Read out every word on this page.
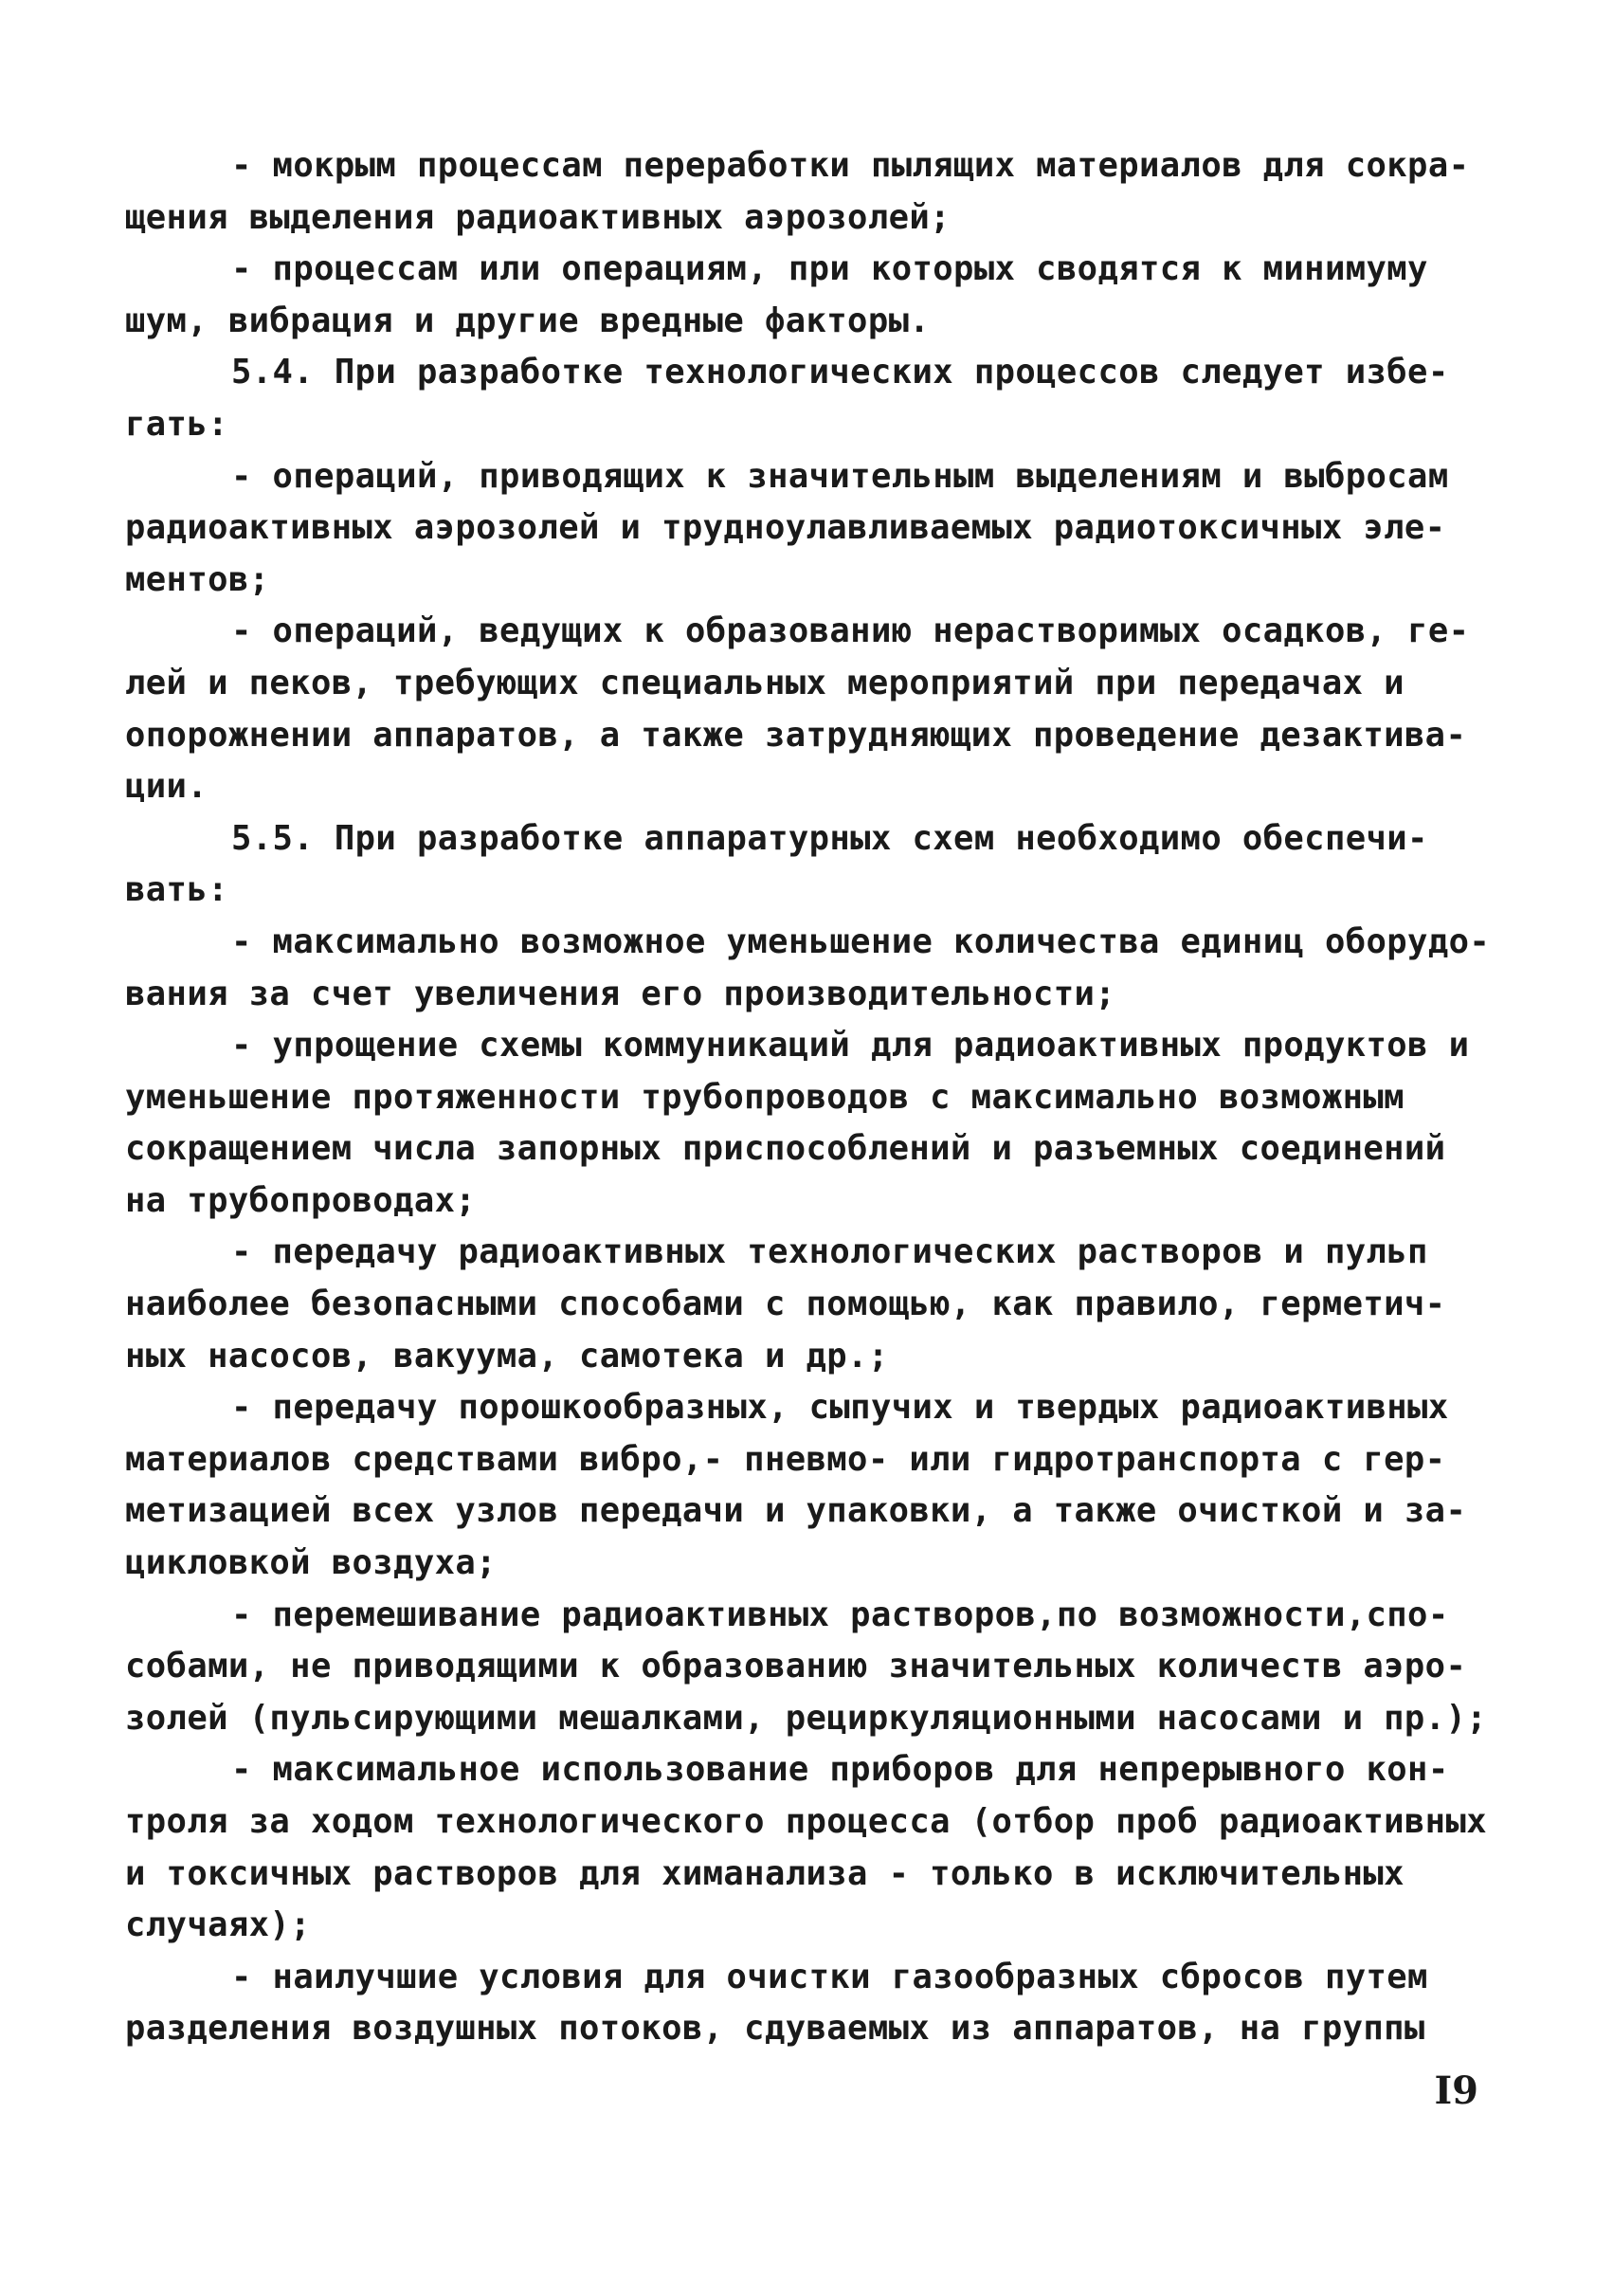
- мокрым процессам переработки пылящих материалов для сокра-
щения выделения радиоактивных аэрозолей;
- процессам или операциям, при которых сводятся к минимуму
шум, вибрация и другие вредные факторы.
5.4. При разработке технологических процессов следует избе-
гать:
- операций, приводящих к значительным выделениям и выбросам
радиоактивных аэрозолей и трудноулавливаемых радиотоксичных эле-
ментов;
- операций, ведущих к образованию нерастворимых осадков, ге-
лей и пеков, требующих специальных мероприятий при передачах и
опорожнении аппаратов, а также затрудняющих проведение дезактива-
ции.
5.5. При разработке аппаратурных схем необходимо обеспечи-
вать:
- максимально возможное уменьшение количества единиц оборудо-
вания за счет увеличения его производительности;
- упрощение схемы коммуникаций для радиоактивных продуктов и
уменьшение протяженности трубопроводов с максимально возможным
сокращением числа запорных приспособлений и разъемных соединений
на трубопроводах;
- передачу радиоактивных технологических растворов и пульп
наиболее безопасными способами с помощью, как правило, гермeтич-
ных насосов, вакуума, самотека и др.;
- передачу порошкообразных, сыпучих и твердых радиоактивных
материалов средствами вибро,- пневмо- или гидротранспорта с гер-
метизацией всех узлов передачи и упаковки, а также очисткой и за-
цикловкой воздуха;
- перемешивание радиоактивных растворов,по возможности,спо-
собами, не приводящими к образованию значительных количеств аэро-
золей (пульсирующими мешалками, рециркуляционными насосами и пр.);
- максимальное использование приборов для непрерывного кон-
троля за ходом технологического процесса (отбор проб радиоактивных
и токсичных растворов для химанализа - только в исключительных
случаях);
- наилучшие условия для очистки газообразных сбросов путем
разделения воздушных потоков, сдуваемых из аппаратов, на группы
I9
